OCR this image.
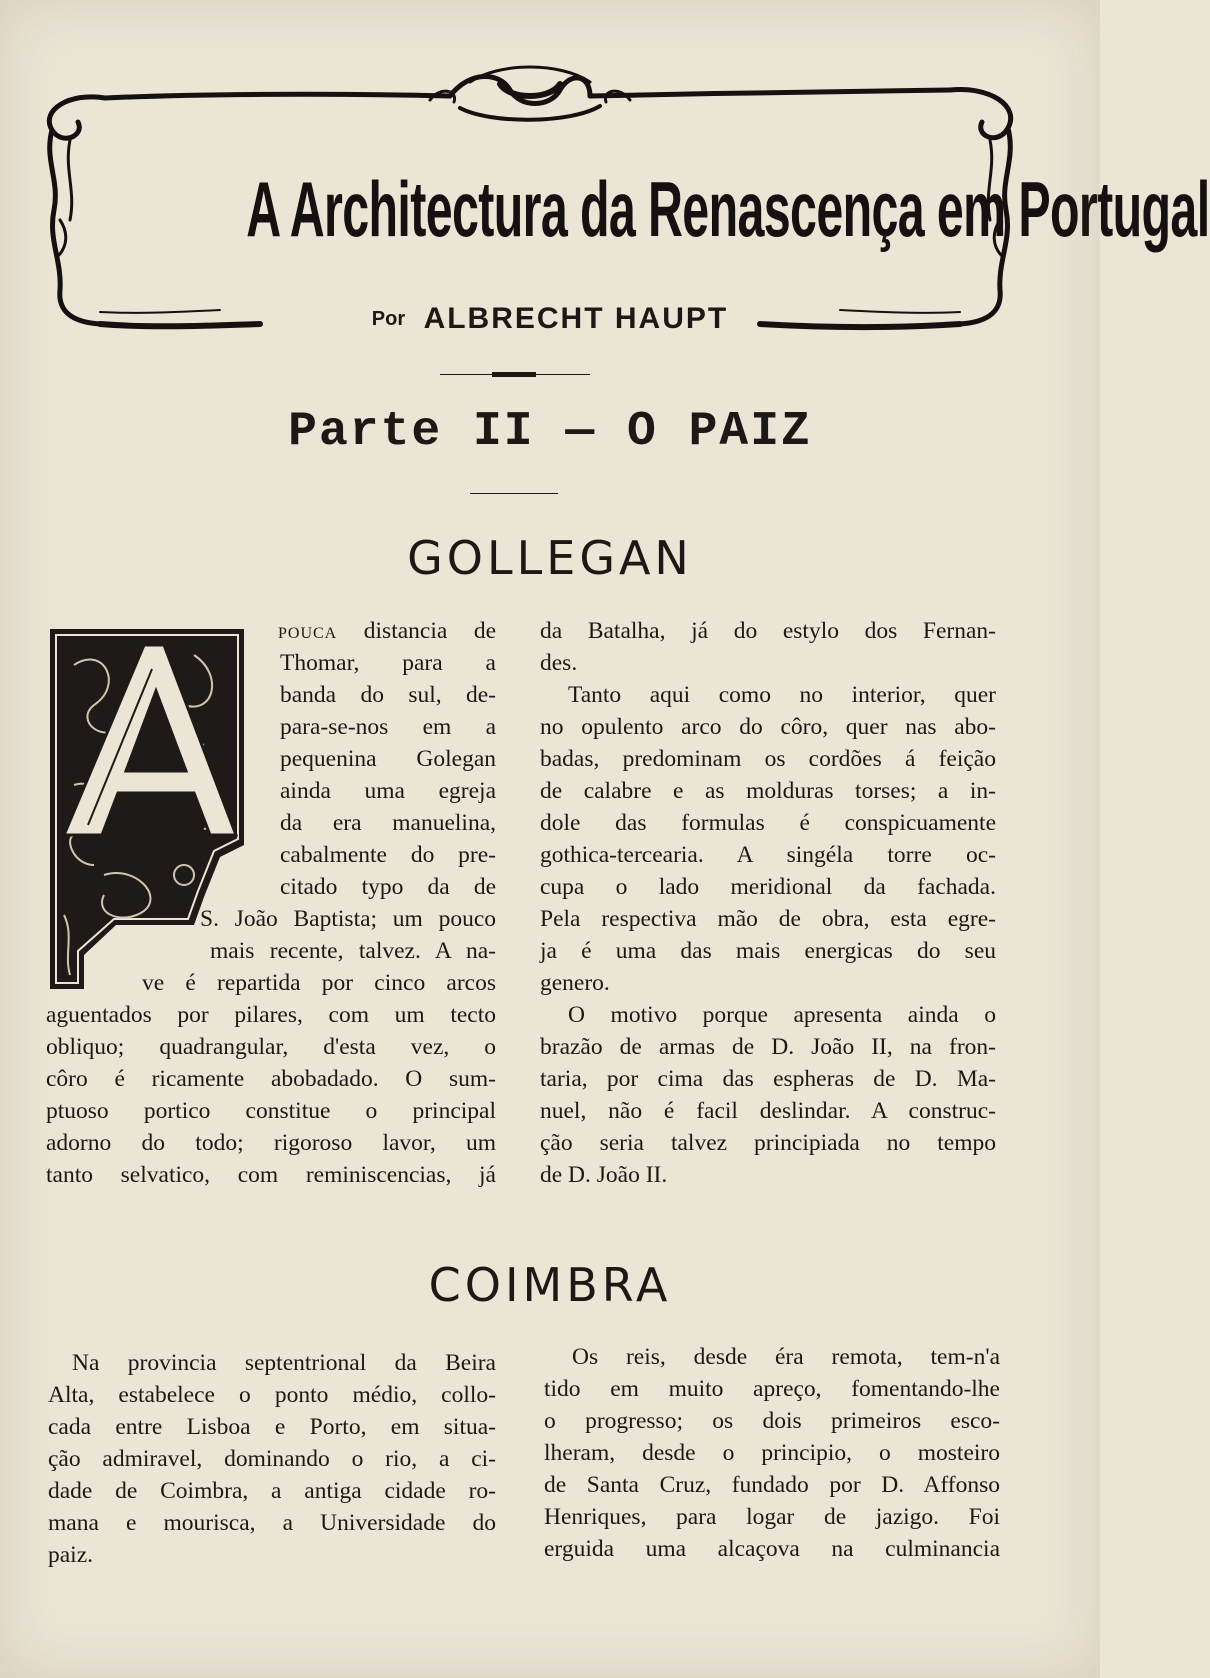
A Architectura da Renascença em Portugal
Por ALBRECHT HAUPT
Parte II — O PAIZ
GOLLEGAN
pouca distancia de
Thomar, para a
banda do sul, de-
para-se-nos em a
pequenina Golegan
ainda uma egreja
da era manuelina,
cabalmente do pre-
citado typo da de
S. João Baptista; um pouco
mais recente, talvez. A na-
ve é repartida por cinco arcos
aguentados por pilares, com um tecto
obliquo; quadrangular, d'esta vez, o
côro é ricamente abobadado. O sum-
ptuoso portico constitue o principal
adorno do todo; rigoroso lavor, um
tanto selvatico, com reminiscencias, já
da Batalha, já do estylo dos Fernan-
des.
Tanto aqui como no interior, quer
no opulento arco do côro, quer nas abo-
badas, predominam os cordões á feição
de calabre e as molduras torses; a in-
dole das formulas é conspicuamente
gothica-tercearia. A singéla torre oc-
cupa o lado meridional da fachada.
Pela respectiva mão de obra, esta egre-
ja é uma das mais energicas do seu
genero.
O motivo porque apresenta ainda o
brazão de armas de D. João II, na fron-
taria, por cima das espheras de D. Ma-
nuel, não é facil deslindar. A construc-
ção seria talvez principiada no tempo
de D. João II.
COIMBRA
Na provincia septentrional da Beira
Alta, estabelece o ponto médio, collo-
cada entre Lisboa e Porto, em situa-
ção admiravel, dominando o rio, a ci-
dade de Coimbra, a antiga cidade ro-
mana e mourisca, a Universidade do
paiz.
Os reis, desde éra remota, tem-n'a
tido em muito apreço, fomentando-lhe
o progresso; os dois primeiros esco-
lheram, desde o principio, o mosteiro
de Santa Cruz, fundado por D. Affonso
Henriques, para logar de jazigo. Foi
erguida uma alcaçova na culminancia
